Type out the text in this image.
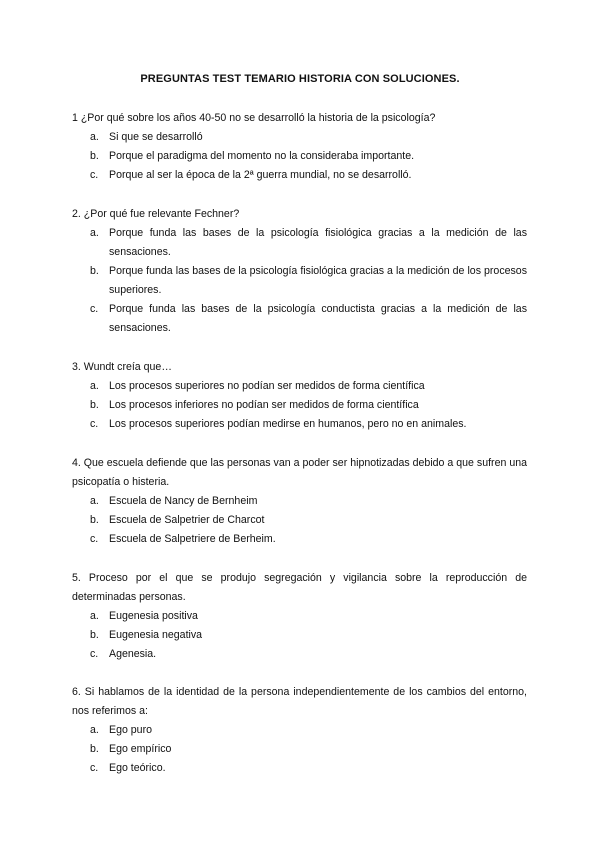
PREGUNTAS TEST TEMARIO HISTORIA CON SOLUCIONES.

1 ¿Por qué sobre los años 40-50 no se desarrolló la historia de la psicología?

a. Si que se desarrolló
b. Porque el paradigma del momento no la consideraba importante.
c. Porque al ser la época de la 2ª guerra mundial, no se desarrolló.

2. ¿Por qué fue relevante Fechner?

a. Porque funda las bases de la psicología fisiológica gracias a la medición de las sensaciones.
b. Porque funda las bases de la psicología fisiológica gracias a la medición de los procesos superiores.
c. Porque funda las bases de la psicología conductista gracias a la medición de las sensaciones.

3. Wundt creía que…

a. Los procesos superiores no podían ser medidos de forma científica
b. Los procesos inferiores no podían ser medidos de forma científica
c. Los procesos superiores podían medirse en humanos, pero no en animales.

4. Que escuela defiende que las personas van a poder ser hipnotizadas debido a que sufren una psicopatía o histeria.

a. Escuela de Nancy de Bernheim
b. Escuela de Salpetrier de Charcot
c. Escuela de Salpetriere de Berheim.

5. Proceso por el que se produjo segregación y vigilancia sobre la reproducción de determinadas personas.

a. Eugenesia positiva
b. Eugenesia negativa
c. Agenesia.

6. Si hablamos de la identidad de la persona independientemente de los cambios del entorno, nos referimos a:

a. Ego puro
b. Ego empírico
c. Ego teórico.
